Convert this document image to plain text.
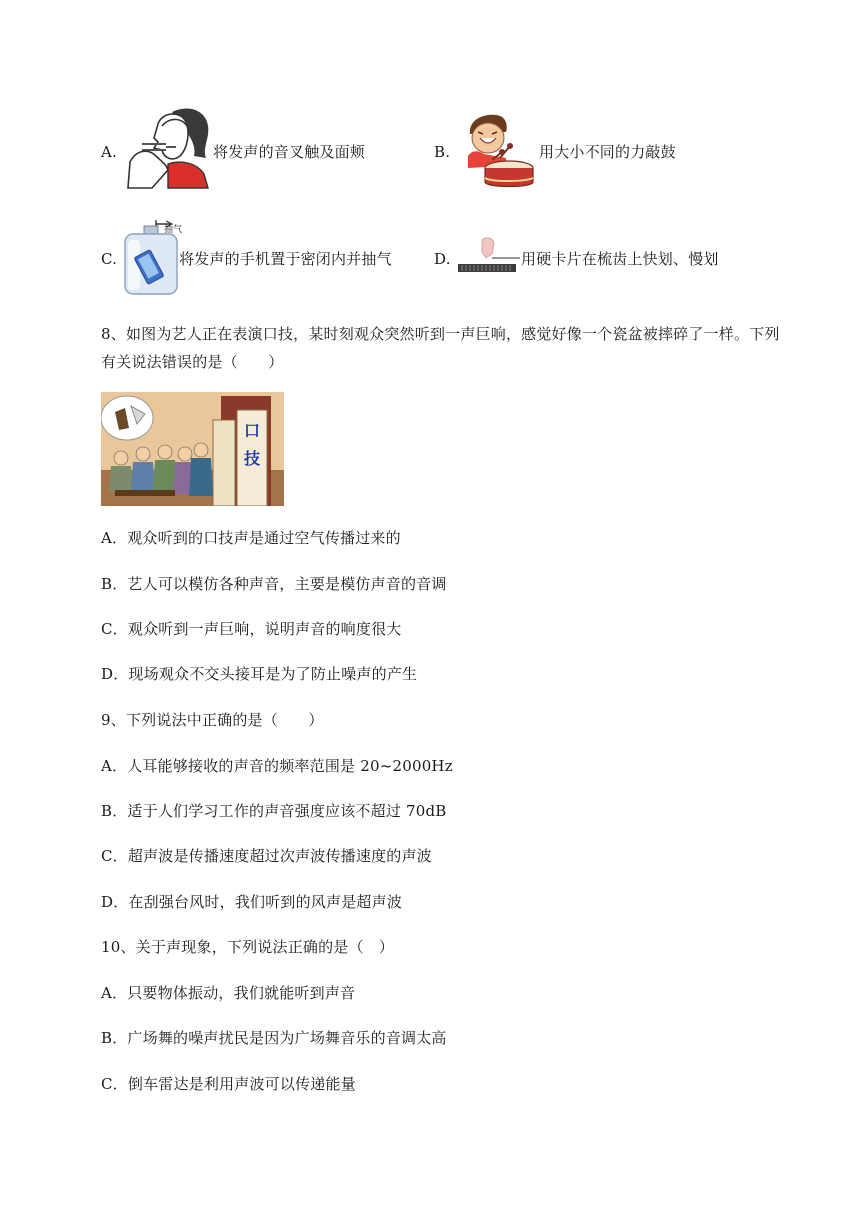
A.	将发声的音叉触及面颊	B.	用大小不同的力敲鼓
C.
抽气
将发声的手机置于密闭内并抽气	D.	用硬卡片在梳齿上快划、慢划
8、如图为艺人正在表演口技，某时刻观众突然听到一声巨响，感觉好像一个瓷盆被摔碎了一样。下列
有关说法错误的是（　　）
口
技
A．观众听到的口技声是通过空气传播过来的
B．艺人可以模仿各种声音，主要是模仿声音的音调
C．观众听到一声巨响，说明声音的响度很大
D．现场观众不交头接耳是为了防止噪声的产生
9、下列说法中正确的是（　　）
A．人耳能够接收的声音的频率范围是 20~2000Hz
B．适于人们学习工作的声音强度应该不超过 70dB
C．超声波是传播速度超过次声波传播速度的声波
D．在刮强台风时，我们听到的风声是超声波
10、关于声现象，下列说法正确的是（　）
A．只要物体振动，我们就能听到声音
B．广场舞的噪声扰民是因为广场舞音乐的音调太高
C．倒车雷达是利用声波可以传递能量
